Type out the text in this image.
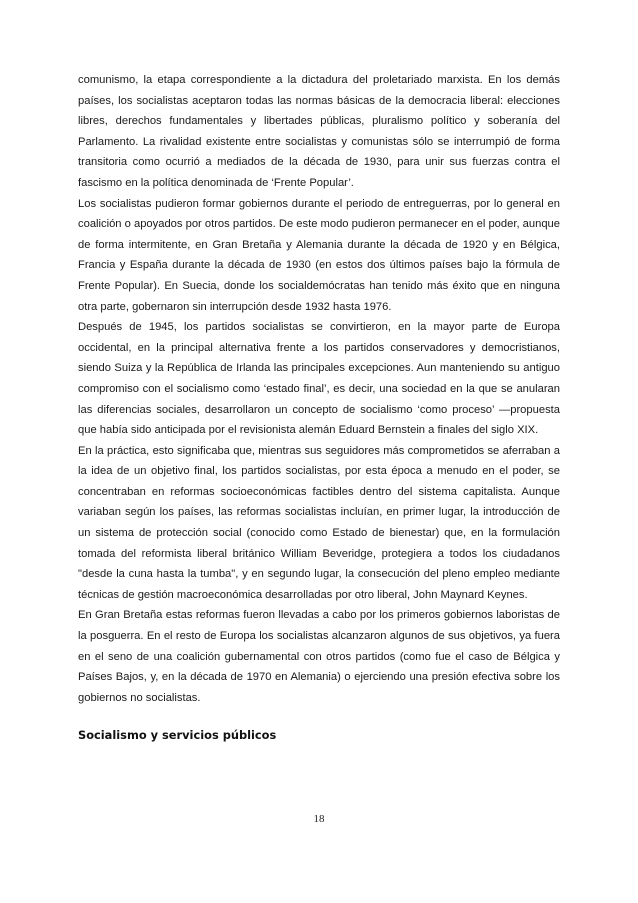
comunismo, la etapa correspondiente a la dictadura del proletariado marxista. En los demás países, los socialistas aceptaron todas las normas básicas de la democracia liberal: elecciones libres, derechos fundamentales y libertades públicas, pluralismo político y soberanía del Parlamento. La rivalidad existente entre socialistas y comunistas sólo se interrumpió de forma transitoria como ocurrió a mediados de la década de 1930, para unir sus fuerzas contra el fascismo en la política denominada de ‘Frente Popular’.

Los socialistas pudieron formar gobiernos durante el periodo de entreguerras, por lo general en coalición o apoyados por otros partidos. De este modo pudieron permanecer en el poder, aunque de forma intermitente, en Gran Bretaña y Alemania durante la década de 1920 y en Bélgica, Francia y España durante la década de 1930 (en estos dos últimos países bajo la fórmula de Frente Popular). En Suecia, donde los socialdemócratas han tenido más éxito que en ninguna otra parte, gobernaron sin interrupción desde 1932 hasta 1976.

Después de 1945, los partidos socialistas se convirtieron, en la mayor parte de Europa occidental, en la principal alternativa frente a los partidos conservadores y democristianos, siendo Suiza y la República de Irlanda las principales excepciones. Aun manteniendo su antiguo compromiso con el socialismo como ‘estado final’, es decir, una sociedad en la que se anularan las diferencias sociales, desarrollaron un concepto de socialismo ‘como proceso’ —propuesta que había sido anticipada por el revisionista alemán Eduard Bernstein a finales del siglo XIX.

En la práctica, esto significaba que, mientras sus seguidores más comprometidos se aferraban a la idea de un objetivo final, los partidos socialistas, por esta época a menudo en el poder, se concentraban en reformas socioeconómicas factibles dentro del sistema capitalista. Aunque variaban según los países, las reformas socialistas incluían, en primer lugar, la introducción de un sistema de protección social (conocido como Estado de bienestar) que, en la formulación tomada del reformista liberal británico William Beveridge, protegiera a todos los ciudadanos "desde la cuna hasta la tumba", y en segundo lugar, la consecución del pleno empleo mediante técnicas de gestión macroeconómica desarrolladas por otro liberal, John Maynard Keynes.

En Gran Bretaña estas reformas fueron llevadas a cabo por los primeros gobiernos laboristas de la posguerra. En el resto de Europa los socialistas alcanzaron algunos de sus objetivos, ya fuera en el seno de una coalición gubernamental con otros partidos (como fue el caso de Bélgica y Países Bajos, y, en la década de 1970 en Alemania) o ejerciendo una presión efectiva sobre los gobiernos no socialistas.

Socialismo y servicios públicos
18
